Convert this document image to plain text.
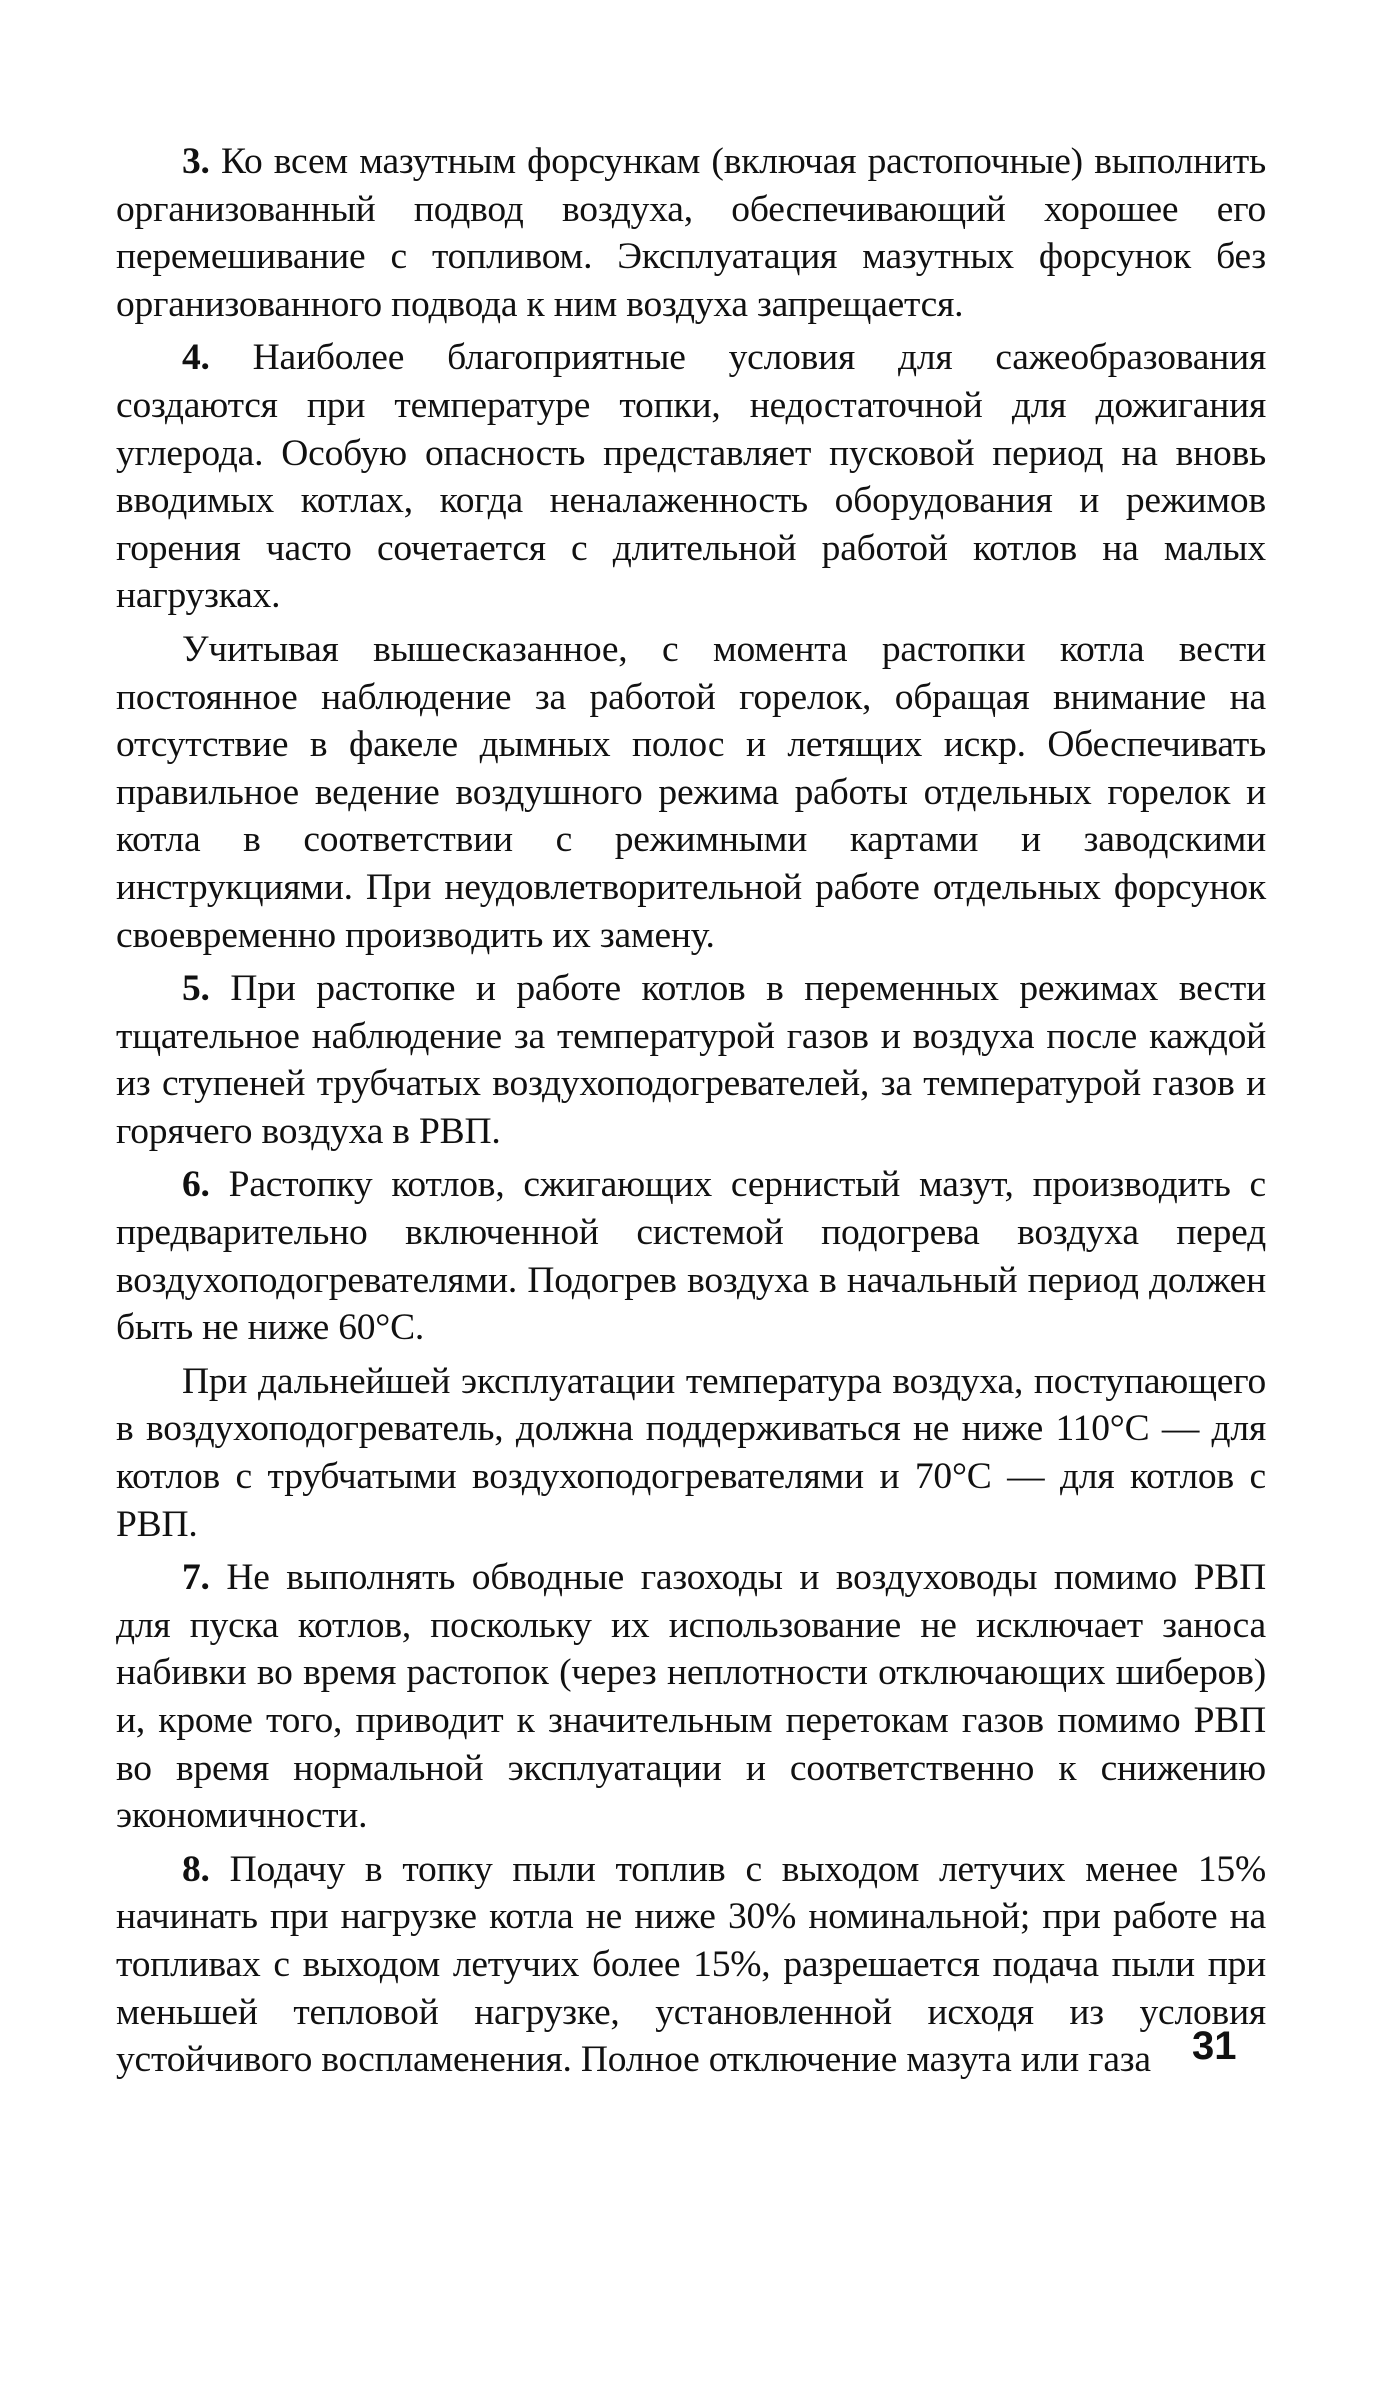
3. Ко всем мазутным форсункам (включая растопочные) выполнить организованный подвод воздуха, обеспечивающий хорошее его перемешивание с топливом. Эксплуатация мазутных форсунок без организованного подвода к ним воздуха запрещается.

4. Наиболее благоприятные условия для сажеобразования создаются при температуре топки, недостаточной для дожигания углерода. Особую опасность представляет пусковой период на вновь вводимых котлах, когда неналаженность оборудования и режимов горения часто сочетается с длительной работой котлов на малых нагрузках.

Учитывая вышесказанное, с момента растопки котла вести постоянное наблюдение за работой горелок, обращая внимание на отсутствие в факеле дымных полос и летящих искр. Обеспечивать правильное ведение воздушного режима работы отдельных горелок и котла в соответствии с режимными картами и заводскими инструкциями. При неудовлетворительной работе отдельных форсунок своевременно производить их замену.

5. При растопке и работе котлов в переменных режимах вести тщательное наблюдение за температурой газов и воздуха после каждой из ступеней трубчатых воздухоподогревателей, за температурой газов и горячего воздуха в РВП.

6. Растопку котлов, сжигающих сернистый мазут, производить с предварительно включенной системой подогрева воздуха перед воздухоподогревателями. Подогрев воздуха в начальный период должен быть не ниже 60°С.

При дальнейшей эксплуатации температура воздуха, поступающего в воздухоподогреватель, должна поддерживаться не ниже 110°С — для котлов с трубчатыми воздухоподогревателями и 70°С — для котлов с РВП.

7. Не выполнять обводные газоходы и воздуховоды помимо РВП для пуска котлов, поскольку их использование не исключает заноса набивки во время растопок (через неплотности отключающих шиберов) и, кроме того, приводит к значительным перетокам газов помимо РВП во время нормальной эксплуатации и соответственно к снижению экономичности.

8. Подачу в топку пыли топлив с выходом летучих менее 15% начинать при нагрузке котла не ниже 30% номинальной; при работе на топливах с выходом летучих более 15%, разрешается подача пыли при меньшей тепловой нагрузке, установленной исходя из условия устойчивого воспламенения. Полное отключение мазута или газа	31
